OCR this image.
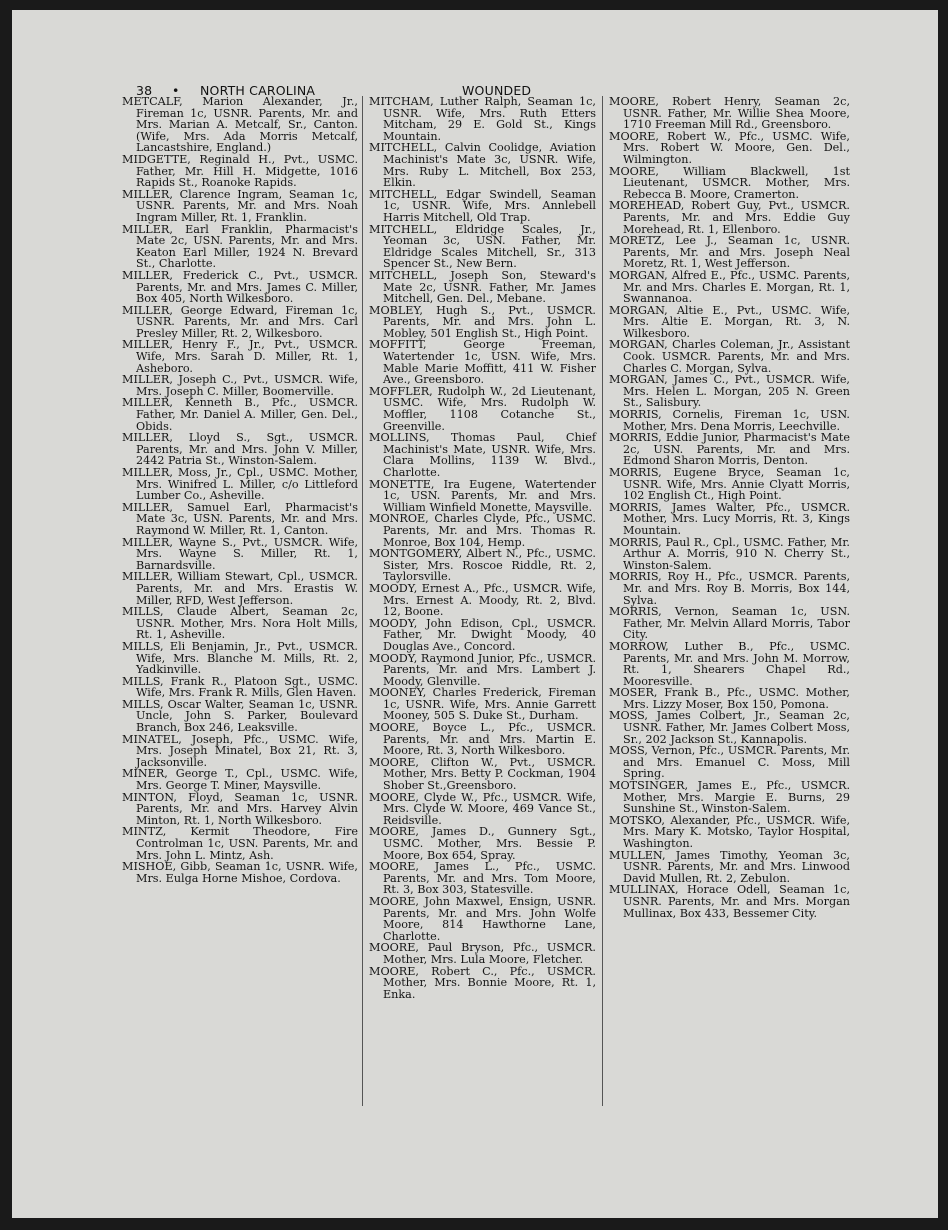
38 • NORTH CAROLINA	WOUNDED

METCALF, Marion Alexander, Jr., Fireman 1c, USNR. Parents, Mr. and Mrs. Marian A. Metcalf, Sr., Canton. (Wife, Mrs. Ada Morris Metcalf, Lancastshire, England.)

MIDGETTE, Reginald H., Pvt., USMC. Father, Mr. Hill H. Midgette, 1016 Rapids St., Roanoke Rapids.

MILLER, Clarence Ingram, Seaman 1c, USNR. Parents, Mr. and Mrs. Noah Ingram Miller, Rt. 1, Franklin.

MILLER, Earl Franklin, Pharmacist's Mate 2c, USN. Parents, Mr. and Mrs. Keaton Earl Miller, 1924 N. Brevard St., Charlotte.

MILLER, Frederick C., Pvt., USMCR. Parents, Mr. and Mrs. James C. Miller, Box 405, North Wilkesboro.

MILLER, George Edward, Fireman 1c, USNR. Parents, Mr. and Mrs. Carl Presley Miller, Rt. 2, Wilkesboro.

MILLER, Henry F., Jr., Pvt., USMCR. Wife, Mrs. Sarah D. Miller, Rt. 1, Asheboro.

MILLER, Joseph C., Pvt., USMCR. Wife, Mrs. Joseph C. Miller, Boomerville.

MILLER, Kenneth B., Pfc., USMCR. Father, Mr. Daniel A. Miller, Gen. Del., Obids.

MILLER, Lloyd S., Sgt., USMCR. Parents, Mr. and Mrs. John V. Miller, 2442 Patria St., Winston-Salem.

MILLER, Moss, Jr., Cpl., USMC. Mother, Mrs. Winifred L. Miller, c/o Littleford Lumber Co., Asheville.

MILLER, Samuel Earl, Pharmacist's Mate 3c, USN. Parents, Mr. and Mrs. Raymond W. Miller, Rt. 1, Canton.

MILLER, Wayne S., Pvt., USMCR. Wife, Mrs. Wayne S. Miller, Rt. 1, Barnardsville.

MILLER, William Stewart, Cpl., USMCR. Parents, Mr. and Mrs. Erastis W. Miller, RFD, West Jefferson.

MILLS, Claude Albert, Seaman 2c, USNR. Mother, Mrs. Nora Holt Mills, Rt. 1, Asheville.

MILLS, Eli Benjamin, Jr., Pvt., USMCR. Wife, Mrs. Blanche M. Mills, Rt. 2, Yadkinville.

MILLS, Frank R., Platoon Sgt., USMC. Wife, Mrs. Frank R. Mills, Glen Haven.

MILLS, Oscar Walter, Seaman 1c, USNR. Uncle, John S. Parker, Boulevard Branch, Box 246, Leaksville.

MINATEL, Joseph, Pfc., USMC. Wife, Mrs. Joseph Minatel, Box 21, Rt. 3, Jacksonville.

MINER, George T., Cpl., USMC. Wife, Mrs. George T. Miner, Maysville.

MINTON, Floyd, Seaman 1c, USNR. Parents, Mr. and Mrs. Harvey Alvin Minton, Rt. 1, North Wilkesboro.

MINTZ, Kermit Theodore, Fire Controlman 1c, USN. Parents, Mr. and Mrs. John L. Mintz, Ash.

MISHOE, Gibb, Seaman 1c, USNR. Wife, Mrs. Eulga Horne Mishoe, Cordova.

MITCHAM, Luther Ralph, Seaman 1c, USNR. Wife, Mrs. Ruth Etters Mitcham, 29 E. Gold St., Kings Mountain.

MITCHELL, Calvin Coolidge, Aviation Machinist's Mate 3c, USNR. Wife, Mrs. Ruby L. Mitchell, Box 253, Elkin.

MITCHELL, Edgar Swindell, Seaman 1c, USNR. Wife, Mrs. Annlebell Harris Mitchell, Old Trap.

MITCHELL, Eldridge Scales, Jr., Yeoman 3c, USN. Father, Mr. Eldridge Scales Mitchell, Sr., 313 Spencer St., New Bern.

MITCHELL, Joseph Son, Steward's Mate 2c, USNR. Father, Mr. James Mitchell, Gen. Del., Mebane.

MOBLEY, Hugh S., Pvt., USMCR. Parents, Mr. and Mrs. John L. Mobley, 501 English St., High Point.

MOFFITT, George Freeman, Watertender 1c, USN. Wife, Mrs. Mable Marie Moffitt, 411 W. Fisher Ave., Greensboro.

MOFFLER, Rudolph W., 2d Lieutenant, USMC. Wife, Mrs. Rudolph W. Moffler, 1108 Cotanche St., Greenville.

MOLLINS, Thomas Paul, Chief Machinist's Mate, USNR. Wife, Mrs. Clara Mollins, 1139 W. Blvd., Charlotte.

MONETTE, Ira Eugene, Watertender 1c, USN. Parents, Mr. and Mrs. William Winfield Monette, Maysville.

MONROE, Charles Clyde, Pfc., USMC. Parents, Mr. and Mrs. Thomas R. Monroe, Box 104, Hemp.

MONTGOMERY, Albert N., Pfc., USMC. Sister, Mrs. Roscoe Riddle, Rt. 2, Taylorsville.

MOODY, Ernest A., Pfc., USMCR. Wife, Mrs. Ernest A. Moody, Rt. 2, Blvd. 12, Boone.

MOODY, John Edison, Cpl., USMCR. Father, Mr. Dwight Moody, 40 Douglas Ave., Concord.

MOODY, Raymond Junior, Pfc., USMCR. Parents, Mr. and Mrs. Lambert J. Moody, Glenville.

MOONEY, Charles Frederick, Fireman 1c, USNR. Wife, Mrs. Annie Garrett Mooney, 505 S. Duke St., Durham.

MOORE, Boyce L., Pfc., USMCR. Parents, Mr. and Mrs. Martin E. Moore, Rt. 3, North Wilkesboro.

MOORE, Clifton W., Pvt., USMCR. Mother, Mrs. Betty P. Cockman, 1904 Shober St.,Greensboro.

MOORE, Clyde W., Pfc., USMCR. Wife, Mrs. Clyde W. Moore, 469 Vance St., Reidsville.

MOORE, James D., Gunnery Sgt., USMC. Mother, Mrs. Bessie P. Moore, Box 654, Spray.

MOORE, James L., Pfc., USMC. Parents, Mr. and Mrs. Tom Moore, Rt. 3, Box 303, Statesville.

MOORE, John Maxwel, Ensign, USNR. Parents, Mr. and Mrs. John Wolfe Moore, 814 Hawthorne Lane, Charlotte.

MOORE, Paul Bryson, Pfc., USMCR. Mother, Mrs. Lula Moore, Fletcher.

MOORE, Robert C., Pfc., USMCR. Mother, Mrs. Bonnie Moore, Rt. 1, Enka.

MOORE, Robert Henry, Seaman 2c, USNR. Father, Mr. Willie Shea Moore, 1710 Freeman Mill Rd., Greensboro.

MOORE, Robert W., Pfc., USMC. Wife, Mrs. Robert W. Moore, Gen. Del., Wilmington.

MOORE, William Blackwell, 1st Lieutenant, USMCR. Mother, Mrs. Rebecca B. Moore, Cramerton.

MOREHEAD, Robert Guy, Pvt., USMCR. Parents, Mr. and Mrs. Eddie Guy Morehead, Rt. 1, Ellenboro.

MORETZ, Lee J., Seaman 1c, USNR. Parents, Mr. and Mrs. Joseph Neal Moretz, Rt. 1, West Jefferson.

MORGAN, Alfred E., Pfc., USMC. Parents, Mr. and Mrs. Charles E. Morgan, Rt. 1, Swannanoa.

MORGAN, Altie E., Pvt., USMC. Wife, Mrs. Altie E. Morgan, Rt. 3, N. Wilkesboro.

MORGAN, Charles Coleman, Jr., Assistant Cook. USMCR. Parents, Mr. and Mrs. Charles C. Morgan, Sylva.

MORGAN, James C., Pvt., USMCR. Wife, Mrs. Helen L. Morgan, 205 N. Green St., Salisbury.

MORRIS, Cornelis, Fireman 1c, USN. Mother, Mrs. Dena Morris, Leechville.

MORRIS, Eddie Junior, Pharmacist's Mate 2c, USN. Parents, Mr. and Mrs. Edmond Sharon Morris, Denton.

MORRIS, Eugene Bryce, Seaman 1c, USNR. Wife, Mrs. Annie Clyatt Morris, 102 English Ct., High Point.

MORRIS, James Walter, Pfc., USMCR. Mother, Mrs. Lucy Morris, Rt. 3, Kings Mountain.

MORRIS, Paul R., Cpl., USMC. Father, Mr. Arthur A. Morris, 910 N. Cherry St., Winston-Salem.

MORRIS, Roy H., Pfc., USMCR. Parents, Mr. and Mrs. Roy B. Morris, Box 144, Sylva.

MORRIS, Vernon, Seaman 1c, USN. Father, Mr. Melvin Allard Morris, Tabor City.

MORROW, Luther B., Pfc., USMC. Parents, Mr. and Mrs. John M. Morrow, Rt. 1, Shearers Chapel Rd., Mooresville.

MOSER, Frank B., Pfc., USMC. Mother, Mrs. Lizzy Moser, Box 150, Pomona.

MOSS, James Colbert, Jr., Seaman 2c, USNR. Father, Mr. James Colbert Moss, Sr., 202 Jackson St., Kannapolis.

MOSS, Vernon, Pfc., USMCR. Parents, Mr. and Mrs. Emanuel C. Moss, Mill Spring.

MOTSINGER, James E., Pfc., USMCR. Mother, Mrs. Margie E. Burns, 29 Sunshine St., Winston-Salem.

MOTSKO, Alexander, Pfc., USMCR. Wife, Mrs. Mary K. Motsko, Taylor Hospital, Washington.

MULLEN, James Timothy, Yeoman 3c, USNR. Parents, Mr. and Mrs. Linwood David Mullen, Rt. 2, Zebulon.

MULLINAX, Horace Odell, Seaman 1c, USNR. Parents, Mr. and Mrs. Morgan Mullinax, Box 433, Bessemer City.
